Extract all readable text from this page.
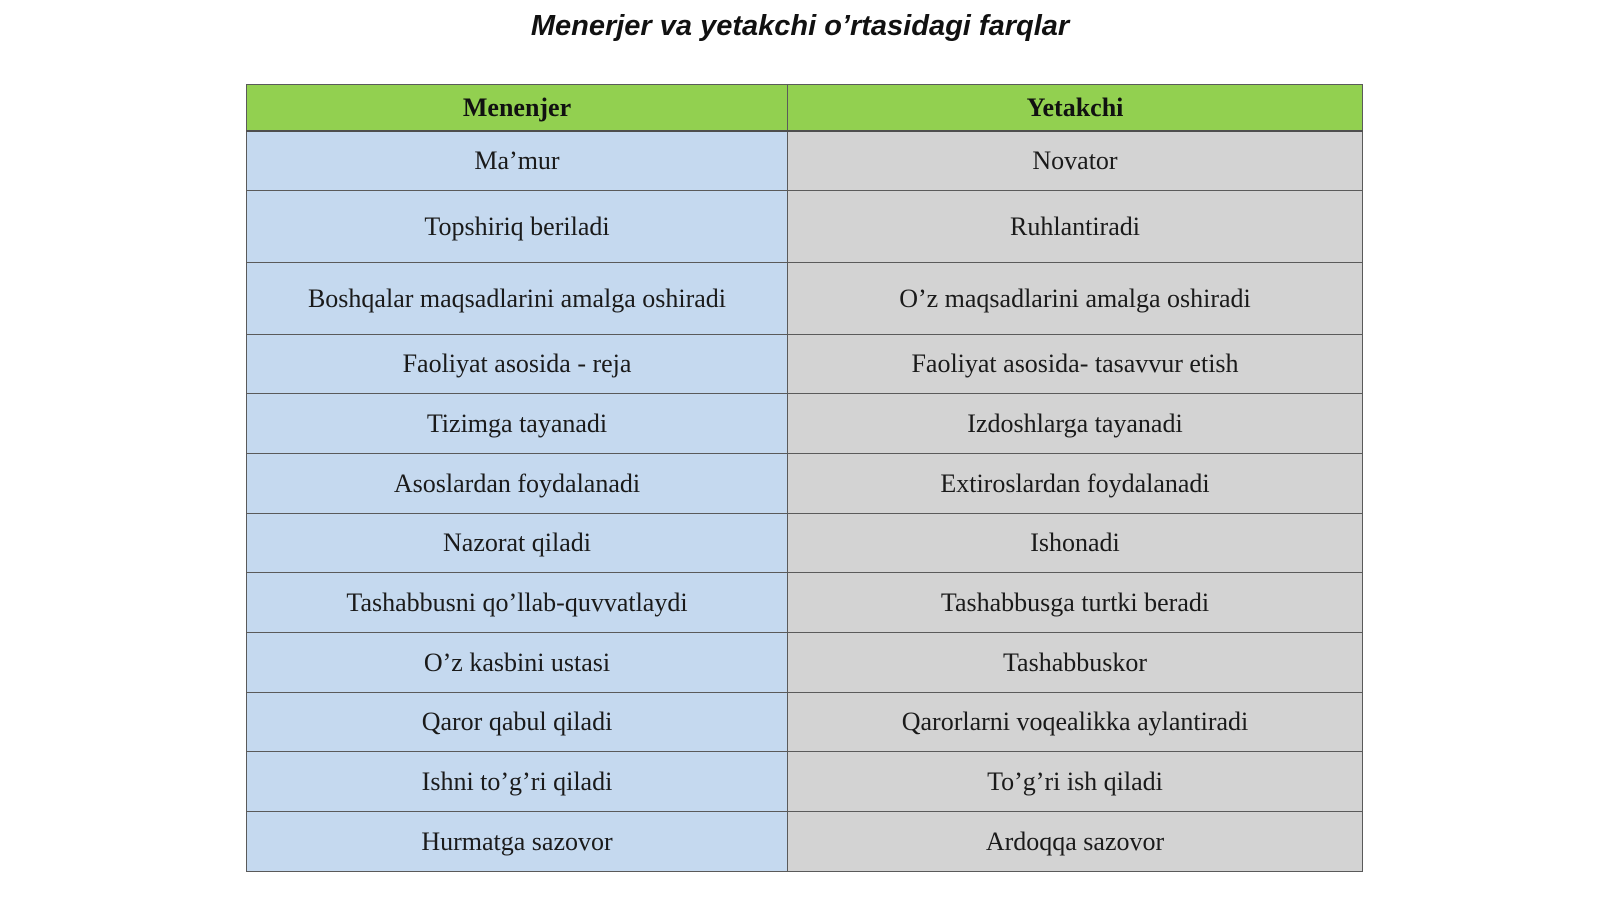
Menerjer va yetakchi o’rtasidagi farqlar
Menenjer	Yetakchi
Ma’mur	Novator
Topshiriq beriladi	Ruhlantiradi
Boshqalar maqsadlarini amalga oshiradi	O’z maqsadlarini amalga oshiradi
Faoliyat asosida - reja	Faoliyat asosida- tasavvur etish
Tizimga tayanadi	Izdoshlarga tayanadi
Asoslardan foydalanadi	Extiroslardan foydalanadi
Nazorat qiladi	Ishonadi
Tashabbusni qo’llab-quvvatlaydi	Tashabbusga turtki beradi
O’z kasbini ustasi	Tashabbuskor
Qaror qabul qiladi	Qarorlarni voqealikka aylantiradi
Ishni to’g’ri qiladi	To’g’ri ish qiladi
Hurmatga sazovor	Ardoqqa sazovor
